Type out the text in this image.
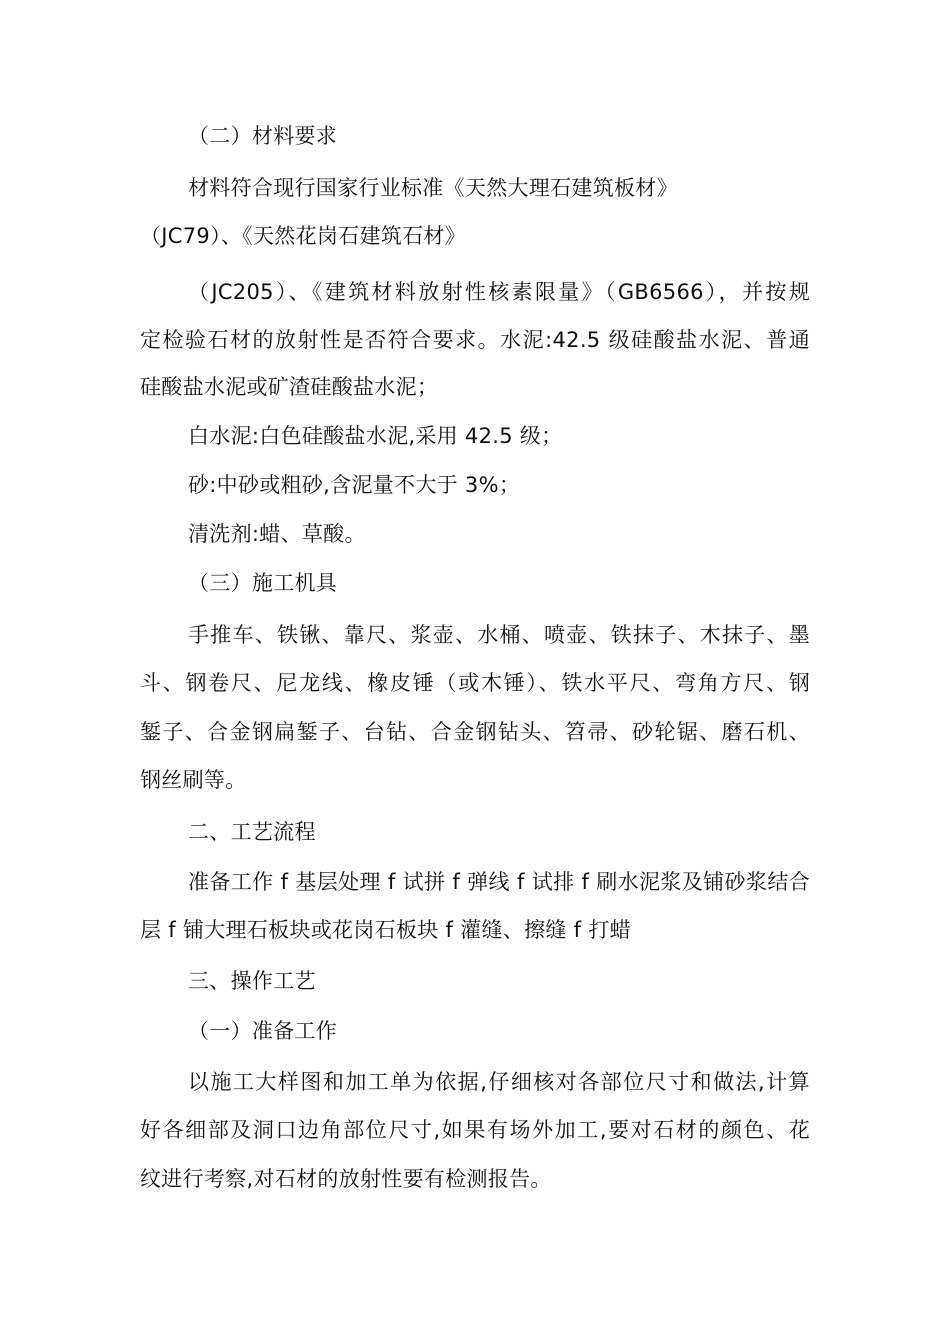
（二）材料要求
材料符合现行国家行业标准《天然大理石建筑板材》
（JC79）、《天然花岗石建筑石材》
（JC205）、《建筑材料放射性核素限量》（GB6566），并按规
定检验石材的放射性是否符合要求。水泥:42.5 级硅酸盐水泥、普通
硅酸盐水泥或矿渣硅酸盐水泥；
白水泥:白色硅酸盐水泥,采用 42.5 级；
砂:中砂或粗砂,含泥量不大于 3%；
清洗剂:蜡、草酸。
（三）施工机具
手推车、铁锹、靠尺、浆壶、水桶、喷壶、铁抹子、木抹子、墨
斗、钢卷尺、尼龙线、橡皮锤（或木锤）、铁水平尺、弯角方尺、钢
錾子、合金钢扁錾子、台钻、合金钢钻头、笤帚、砂轮锯、磨石机、
钢丝刷等。
二、工艺流程
准备工作 f 基层处理 f 试拼 f 弹线 f 试排 f 刷水泥浆及铺砂浆结合
层 f 铺大理石板块或花岗石板块 f 灌缝、擦缝 f 打蜡
三、操作工艺
（一）准备工作
以施工大样图和加工单为依据,仔细核对各部位尺寸和做法,计算
好各细部及洞口边角部位尺寸,如果有场外加工,要对石材的颜色、花
纹进行考察,对石材的放射性要有检测报告。
